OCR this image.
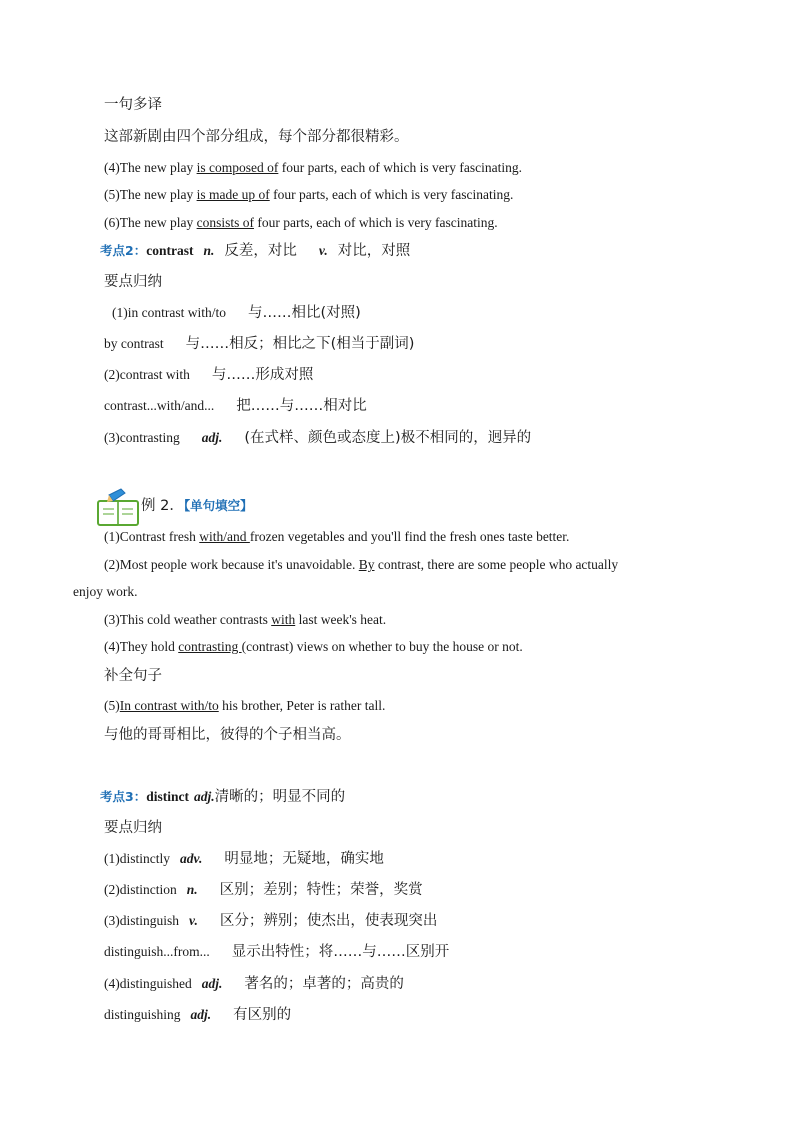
一句多译
这部新剧由四个部分组成，每个部分都很精彩。
(4)The new play is composed of four parts, each of which is very fascinating.
(5)The new play is made up of four parts, each of which is very fascinating.
(6)The new play consists of four parts, each of which is very fascinating.
考点2：contrast n. 反差，对比 v. 对比，对照
要点归纳
(1)in contrast with/to 与……相比(对照)
by contrast 与……相反；相比之下(相当于副词)
(2)contrast with 与……形成对照
contrast...with/and... 把……与……相对比
(3)contrasting adj. (在式样、颜色或态度上)极不相同的，迥异的
例 2．【单句填空】
(1)Contrast fresh with/and frozen vegetables and you'll find the fresh ones taste better.
(2)Most people work because it's unavoidable. By contrast, there are some people who actually
enjoy work.
(3)This cold weather contrasts with last week's heat.
(4)They hold contrasting (contrast) views on whether to buy the house or not.
补全句子
(5)In contrast with/to his brother, Peter is rather tall.
与他的哥哥相比，彼得的个子相当高。
考点3：distinct adj.清晰的；明显不同的
要点归纳
(1)distinctly adv. 明显地；无疑地，确实地
(2)distinction n. 区别；差别；特性；荣誉，奖赏
(3)distinguish v. 区分；辨别；使杰出，使表现突出
distinguish...from... 显示出特性；将……与……区别开
(4)distinguished adj. 著名的；卓著的；高贵的
distinguishing adj. 有区别的
